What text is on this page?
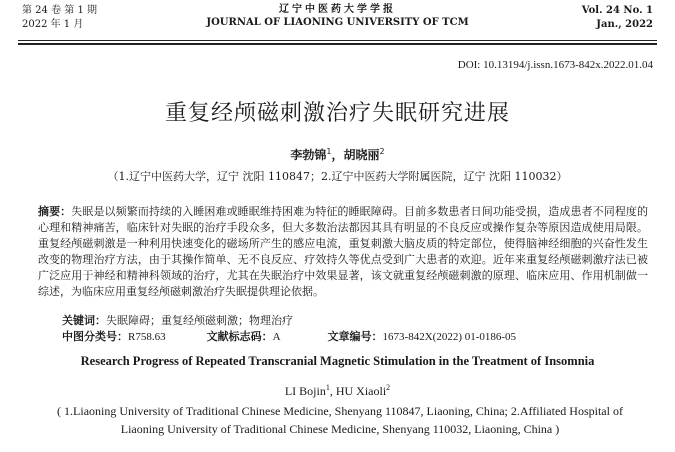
第 24 卷 第 1 期
2022 年 1 月
辽宁中医药大学学报
JOURNAL OF LIAONING UNIVERSITY OF TCM
Vol. 24 No. 1
Jan., 2022
DOI: 10.13194/j.issn.1673-842x.2022.01.04
重复经颅磁刺激治疗失眠研究进展
李勃锦$^1$，胡晓丽$^2$
（1.辽宁中医药大学，辽宁 沈阳 110847；2.辽宁中医药大学附属医院，辽宁 沈阳 110032）
摘要：失眠是以频繁而持续的入睡困难或睡眠维持困难为特征的睡眠障碍。目前多数患者日间功能受损，造成患者不同程度的心理和精神痛苦，临床针对失眠的治疗手段众多，但大多数治法都因其具有明显的不良反应或操作复杂等原因造成使用局限。重复经颅磁刺激是一种利用快速变化的磁场所产生的感应电流，重复刺激大脑皮质的特定部位，使得脑神经细胞的兴奋性发生改变的物理治疗方法，由于其操作简单、无不良反应、疗效持久等优点受到广大患者的欢迎。近年来重复经颅磁刺激疗法已被广泛应用于神经和精神科领域的治疗，尤其在失眠治疗中效果显著，该文就重复经颅磁刺激的原理、临床应用、作用机制做一综述，为临床应用重复经颅磁刺激治疗失眠提供理论依据。
关键词：失眠障碍；重复经颅磁刺激；物理治疗
中图分类号：R758.63	文献标志码：A	文章编号：1673-842X(2022) 01-0186-05
Research Progress of Repeated Transcranial Magnetic Stimulation in the Treatment of Insomnia
LI Bojin$^1$, HU Xiaoli$^2$
( 1.Liaoning University of Traditional Chinese Medicine, Shenyang 110847, Liaoning, China; 2.Affiliated Hospital of Liaoning University of Traditional Chinese Medicine, Shenyang 110032, Liaoning, China )
